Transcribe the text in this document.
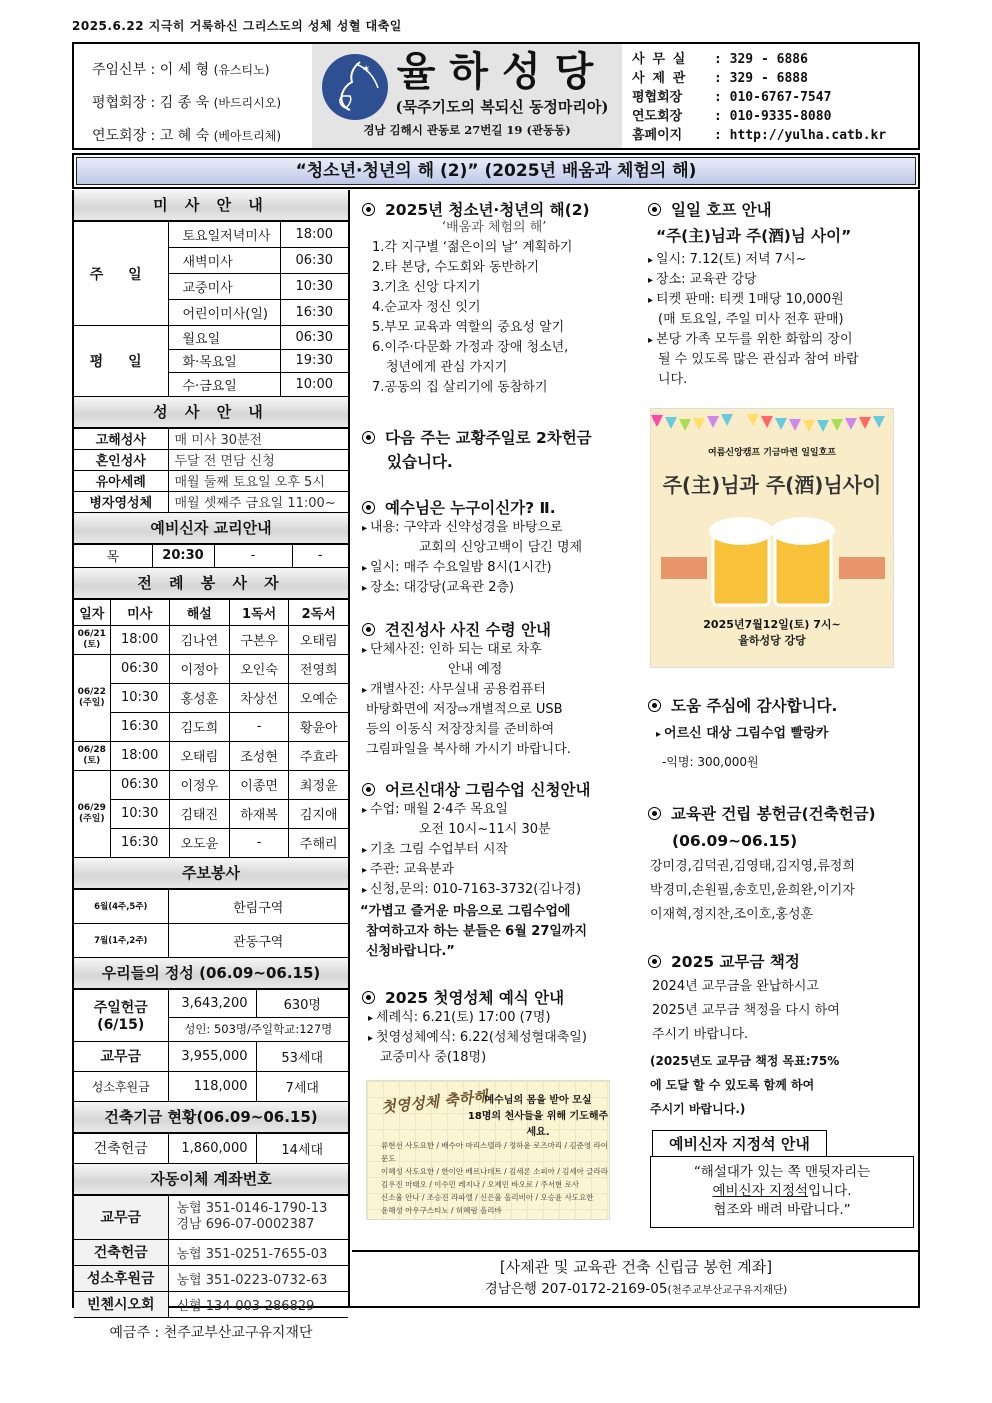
2025.6.22 지극히 거룩하신 그리스도의 성체 성혈 대축일
주임신부 : 이 세 형 (유스티노)
평협회장 : 김 종 욱 (바드리시오)
연도회장 : 고 혜 숙 (베아트리체)
✶ 율하성당
(묵주기도의 복되신 동정마리아)
경남 김해시 관동로 27번길 19 (관동동)
사 무 실 : 329 - 6886
사 제 관 : 329 - 6888
평협회장 : 010-6767-7547
연도회장 : 010-9335-8080
홈페이지 : http://yulha.catb.kr
“청소년·청년의 해 (2)” (2025년 배움과 체험의 해)
미 사 안 내
주 일	토요일저녁미사	18:00
	새벽미사	06:30
	교중미사	10:30
	어린이미사(일)	16:30
평 일	월요일	06:30
	화·목요일	19:30
	수·금요일	10:00
성 사 안 내
고해성사	매 미사 30분전
혼인성사	두달 전 면담 신청
유아세례	매월 둘째 토요일 오후 5시
병자영성체	매월 셋째주 금요일 11:00~
예비신자 교리안내
목	20:30	-	-
전 례 봉 사 자
일자	미사	해설	1독서	2독서
06/21
(토)	18:00	김나연	구본우	오태림
06/22
(주일)	06:30	이정아	오인숙	전영희
	10:30	홍성훈	차상선	오예순
	16:30	김도희	-	황윤아
06/28
(토)	18:00	오태림	조성현	주효라
06/29
(주일)	06:30	이정우	이종면	최정윤
	10:30	김태진	하재복	김지애
	16:30	오도윤	-	주해리
주보봉사
6월(4주,5주)	한림구역
7월(1주,2주)	관동구역
우리들의 정성 (06.09~06.15)
주일헌금
(6/15)	3,643,200	630명
	성인: 503명/주일학교:127명	
교무금	3,955,000	53세대
성소후원금	118,000	7세대
건축기금 현황(06.09~06.15)
건축헌금	1,860,000	14세대
자동이체 계좌번호
교무금	농협 351-0146-1790-13
경남 696-07-0002387
건축헌금	농협 351-0251-7655-03
성소후원금	농협 351-0223-0732-63
빈첸시오회	신협 134-003-286829
예금주 : 천주교부산교구유지재단	
2025년 청소년·청년의 해(2)
‘배움과 체험의 해’
1.각 지구별 ‘젊은이의 날’ 계획하기
2.타 본당, 수도회와 동반하기
3.기초 신앙 다지기
4.순교자 정신 잇기
5.부모 교육과 역할의 중요성 알기
6.이주·다문화 가정과 장애 청소년,
청년에게 관심 가지기
7.공동의 집 살리기에 동참하기
다음 주는 교황주일로 2차헌금
있습니다.
예수님은 누구이신가? Ⅱ.
▸ 내용: 구약과 신약성경을 바탕으로
교회의 신앙고백이 담긴 명제
▸ 일시: 매주 수요일밤 8시(1시간)
▸ 장소: 대강당(교육관 2층)
견진성사 사진 수령 안내
▸ 단체사진: 인하 되는 대로 차후
안내 예정
▸ 개별사진: 사무실내 공용컴퓨터
바탕화면에 저장⇨개별적으로 USB
등의 이동식 저장장치를 준비하여
그림파일을 복사해 가시기 바랍니다.
어르신대상 그림수업 신청안내
▸ 수업: 매월 2·4주 목요일
오전 10시~11시 30분
▸ 기초 그림 수업부터 시작
▸ 주관: 교육분과
▸ 신청,문의: 010-7163-3732(김나경)
“가볍고 즐거운 마음으로 그림수업에
참여하고자 하는 분들은 6월 27일까지
신청바랍니다.”
2025 첫영성체 예식 안내
▸ 세례식: 6.21(토) 17:00 (7명)
▸ 첫영성체예식: 6.22(성체성혈대축일)
교중미사 중(18명)
첫영성체 축하해
예수님의 몸을 받아 모실
18명의 천사들을 위해 기도해주세요.
류현선 사도요한 / 배수아 마리스텔라 / 정하윤 로즈마리 / 김준영 라이문도
이혜성 사도요한 / 한이안 베르나데트 / 김세론 소피아 / 김세아 글라라
김우진 마태오 / 이수민 레지나 / 오제민 바오로 / 주서현 로사
신소율 안나 / 조승진 라파엘 / 신은율 올리비아 / 오승윤 사도요한
윤해성 아우구스티노 / 허혜림 올리바
일일 호프 안내
“주(主)님과 주(酒)님 사이”
▸ 일시: 7.12(토) 저녁 7시~
▸ 장소: 교육관 강당
▸ 티켓 판매: 티켓 1매당 10,000원
(매 토요일, 주일 미사 전후 판매)
▸ 본당 가족 모두를 위한 화합의 장이
될 수 있도록 많은 관심과 참여 바랍
니다.
여름신앙캠프 기금마련 일일호프
주(主)님과 주(酒)님사이
2025년7월12일(토) 7시~
율하성당 강당
도움 주심에 감사합니다.
▸ 어르신 대상 그림수업 빨랑카
-익명: 300,000원
교육관 건립 봉헌금(건축헌금)
(06.09~06.15)
강미경,김덕권,김영태,김지영,류정희
박경미,손원필,송호민,윤희완,이기자
이재혁,정지찬,조이호,홍성훈
2025 교무금 책정
2024년 교무금을 완납하시고
2025년 교무금 책정을 다시 하여
주시기 바랍니다.
(2025년도 교무금 책정 목표:75%
에 도달 할 수 있도록 함께 하여
주시기 바랍니다.)
예비신자 지정석 안내
“해설대가 있는 쪽 맨뒷자리는
예비신자 지정석입니다.
협조와 배려 바랍니다.”
[사제관 및 교육관 건축 신립금 봉헌 계좌]
경남은행 207-0172-2169-05(천주교부산교구유지재단)
